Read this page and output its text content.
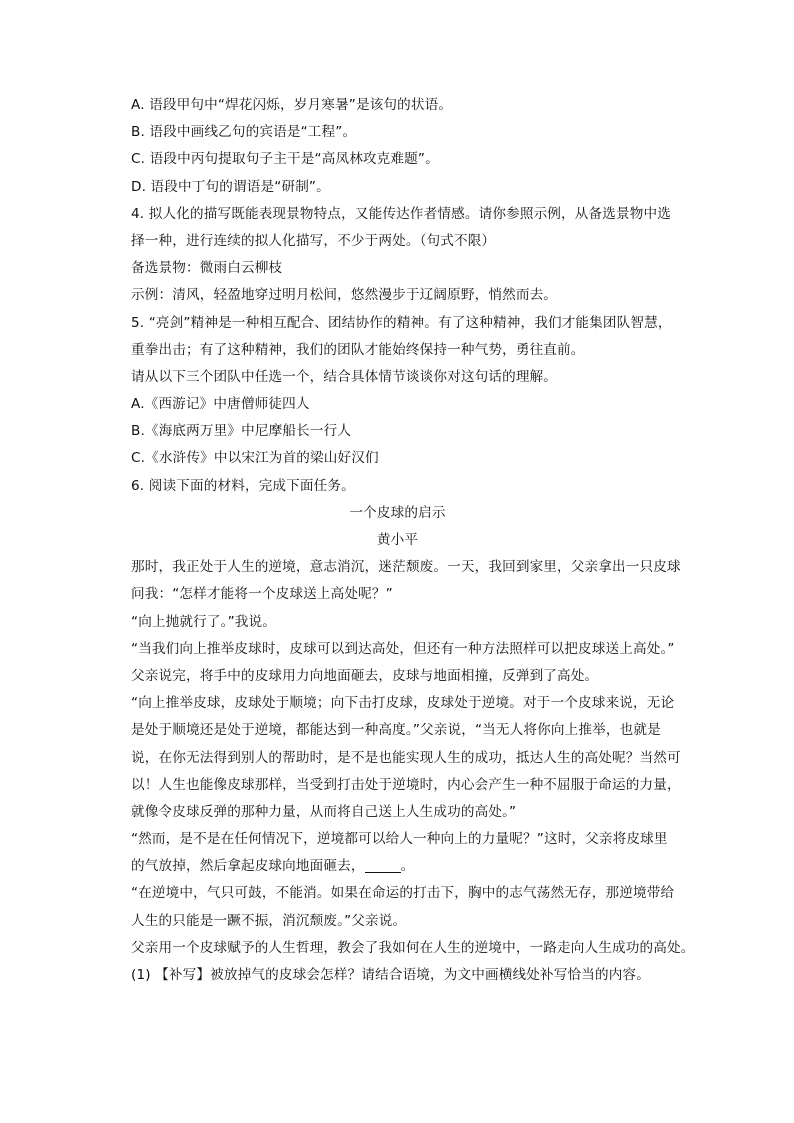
A. 语段甲句中“焊花闪烁，岁月寒暑”是该句的状语。
B. 语段中画线乙句的宾语是“工程”。
C. 语段中丙句提取句子主干是“高凤林攻克难题”。
D. 语段中丁句的谓语是“研制”。
4. 拟人化的描写既能表现景物特点，又能传达作者情感。请你参照示例，从备选景物中选
择一种，进行连续的拟人化描写，不少于两处。（句式不限）
备选景物：微雨白云柳枝
示例：清风，轻盈地穿过明月松间，悠然漫步于辽阔原野，悄然而去。
5. “亮剑”精神是一种相互配合、团结协作的精神。有了这种精神，我们才能集团队智慧，
重拳出击；有了这种精神，我们的团队才能始终保持一种气势，勇往直前。
请从以下三个团队中任选一个，结合具体情节谈谈你对这句话的理解。
A.《西游记》中唐僧师徒四人
B.《海底两万里》中尼摩船长一行人
C.《水浒传》中以宋江为首的梁山好汉们
6. 阅读下面的材料，完成下面任务。
一个皮球的启示
黄小平
那时，我正处于人生的逆境，意志消沉，迷茫颓废。一天，我回到家里，父亲拿出一只皮球
问我：“怎样才能将一个皮球送上高处呢？”
“向上抛就行了。”我说。
“当我们向上推举皮球时，皮球可以到达高处，但还有一种方法照样可以把皮球送上高处。”
父亲说完，将手中的皮球用力向地面砸去，皮球与地面相撞，反弹到了高处。
“向上推举皮球，皮球处于顺境；向下击打皮球，皮球处于逆境。对于一个皮球来说，无论
是处于顺境还是处于逆境，都能达到一种高度。”父亲说，“当无人将你向上推举，也就是
说，在你无法得到别人的帮助时，是不是也能实现人生的成功，抵达人生的高处呢？当然可
以！人生也能像皮球那样，当受到打击处于逆境时，内心会产生一种不屈服于命运的力量，
就像令皮球反弹的那种力量，从而将自己送上人生成功的高处。”
“然而，是不是在任何情况下，逆境都可以给人一种向上的力量呢？”这时，父亲将皮球里
的气放掉，然后拿起皮球向地面砸去，	。
“在逆境中，气只可鼓，不能消。如果在命运的打击下，胸中的志气荡然无存，那逆境带给
人生的只能是一蹶不振，消沉颓废。”父亲说。
父亲用一个皮球赋予的人生哲理，教会了我如何在人生的逆境中，一路走向人生成功的高处。
(1) 【补写】被放掉气的皮球会怎样？请结合语境，为文中画横线处补写恰当的内容。
